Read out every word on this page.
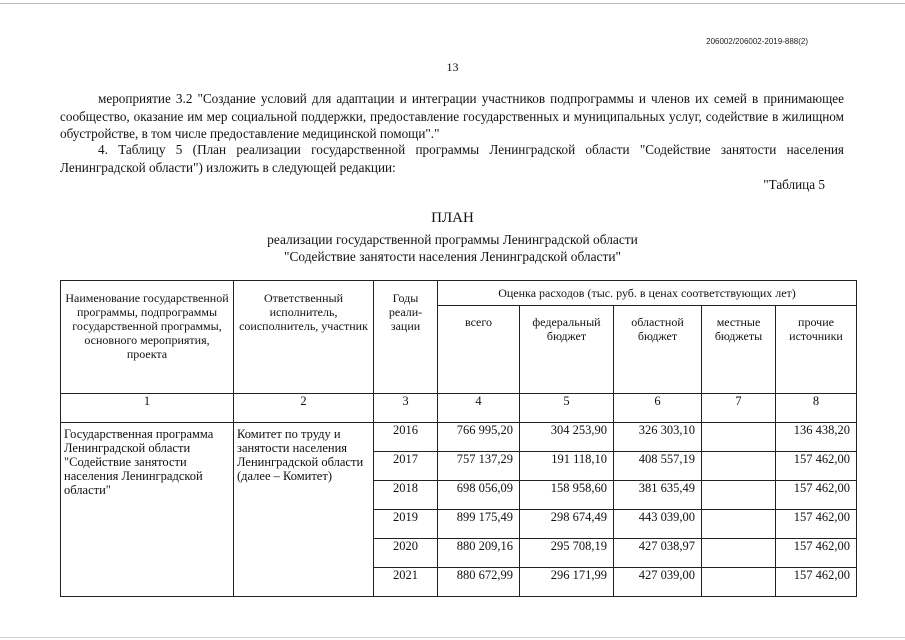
206002/206002-2019-888(2)
13
мероприятие 3.2 "Создание условий для адаптации и интеграции участников подпрограммы и членов их семей в принимающее сообщество, оказание им мер социальной поддержки, предоставление государственных и муниципальных услуг, содействие в жилищном обустройстве, в том числе предоставление медицинской помощи"."
4. Таблицу 5 (План реализации государственной программы Ленинградской области "Содействие занятости населения Ленинградской области") изложить в следующей редакции:
"Таблица 5
ПЛАН
реализации государственной программы Ленинградской области
"Содействие занятости населения Ленинградской области"
Наименование государственной программы, подпрограммы государственной программы, основного мероприятия, проекта	Ответственный исполнитель, соисполнитель, участник	Годы реали-зации	Оценка расходов (тыс. руб. в ценах соответствующих лет)				
			всего	федеральный бюджет	областной бюджет	местные бюджеты	прочие источники
1	2	3	4	5	6	7	8
Государственная программа Ленинградской области "Содействие занятости населения Ленинградской области"	Комитет по труду и занятости населения Ленинградской области (далее – Комитет)	2016	766 995,20	304 253,90	326 303,10		136 438,20
		2017	757 137,29	191 118,10	408 557,19		157 462,00
		2018	698 056,09	158 958,60	381 635,49		157 462,00
		2019	899 175,49	298 674,49	443 039,00		157 462,00
		2020	880 209,16	295 708,19	427 038,97		157 462,00
		2021	880 672,99	296 171,99	427 039,00		157 462,00
